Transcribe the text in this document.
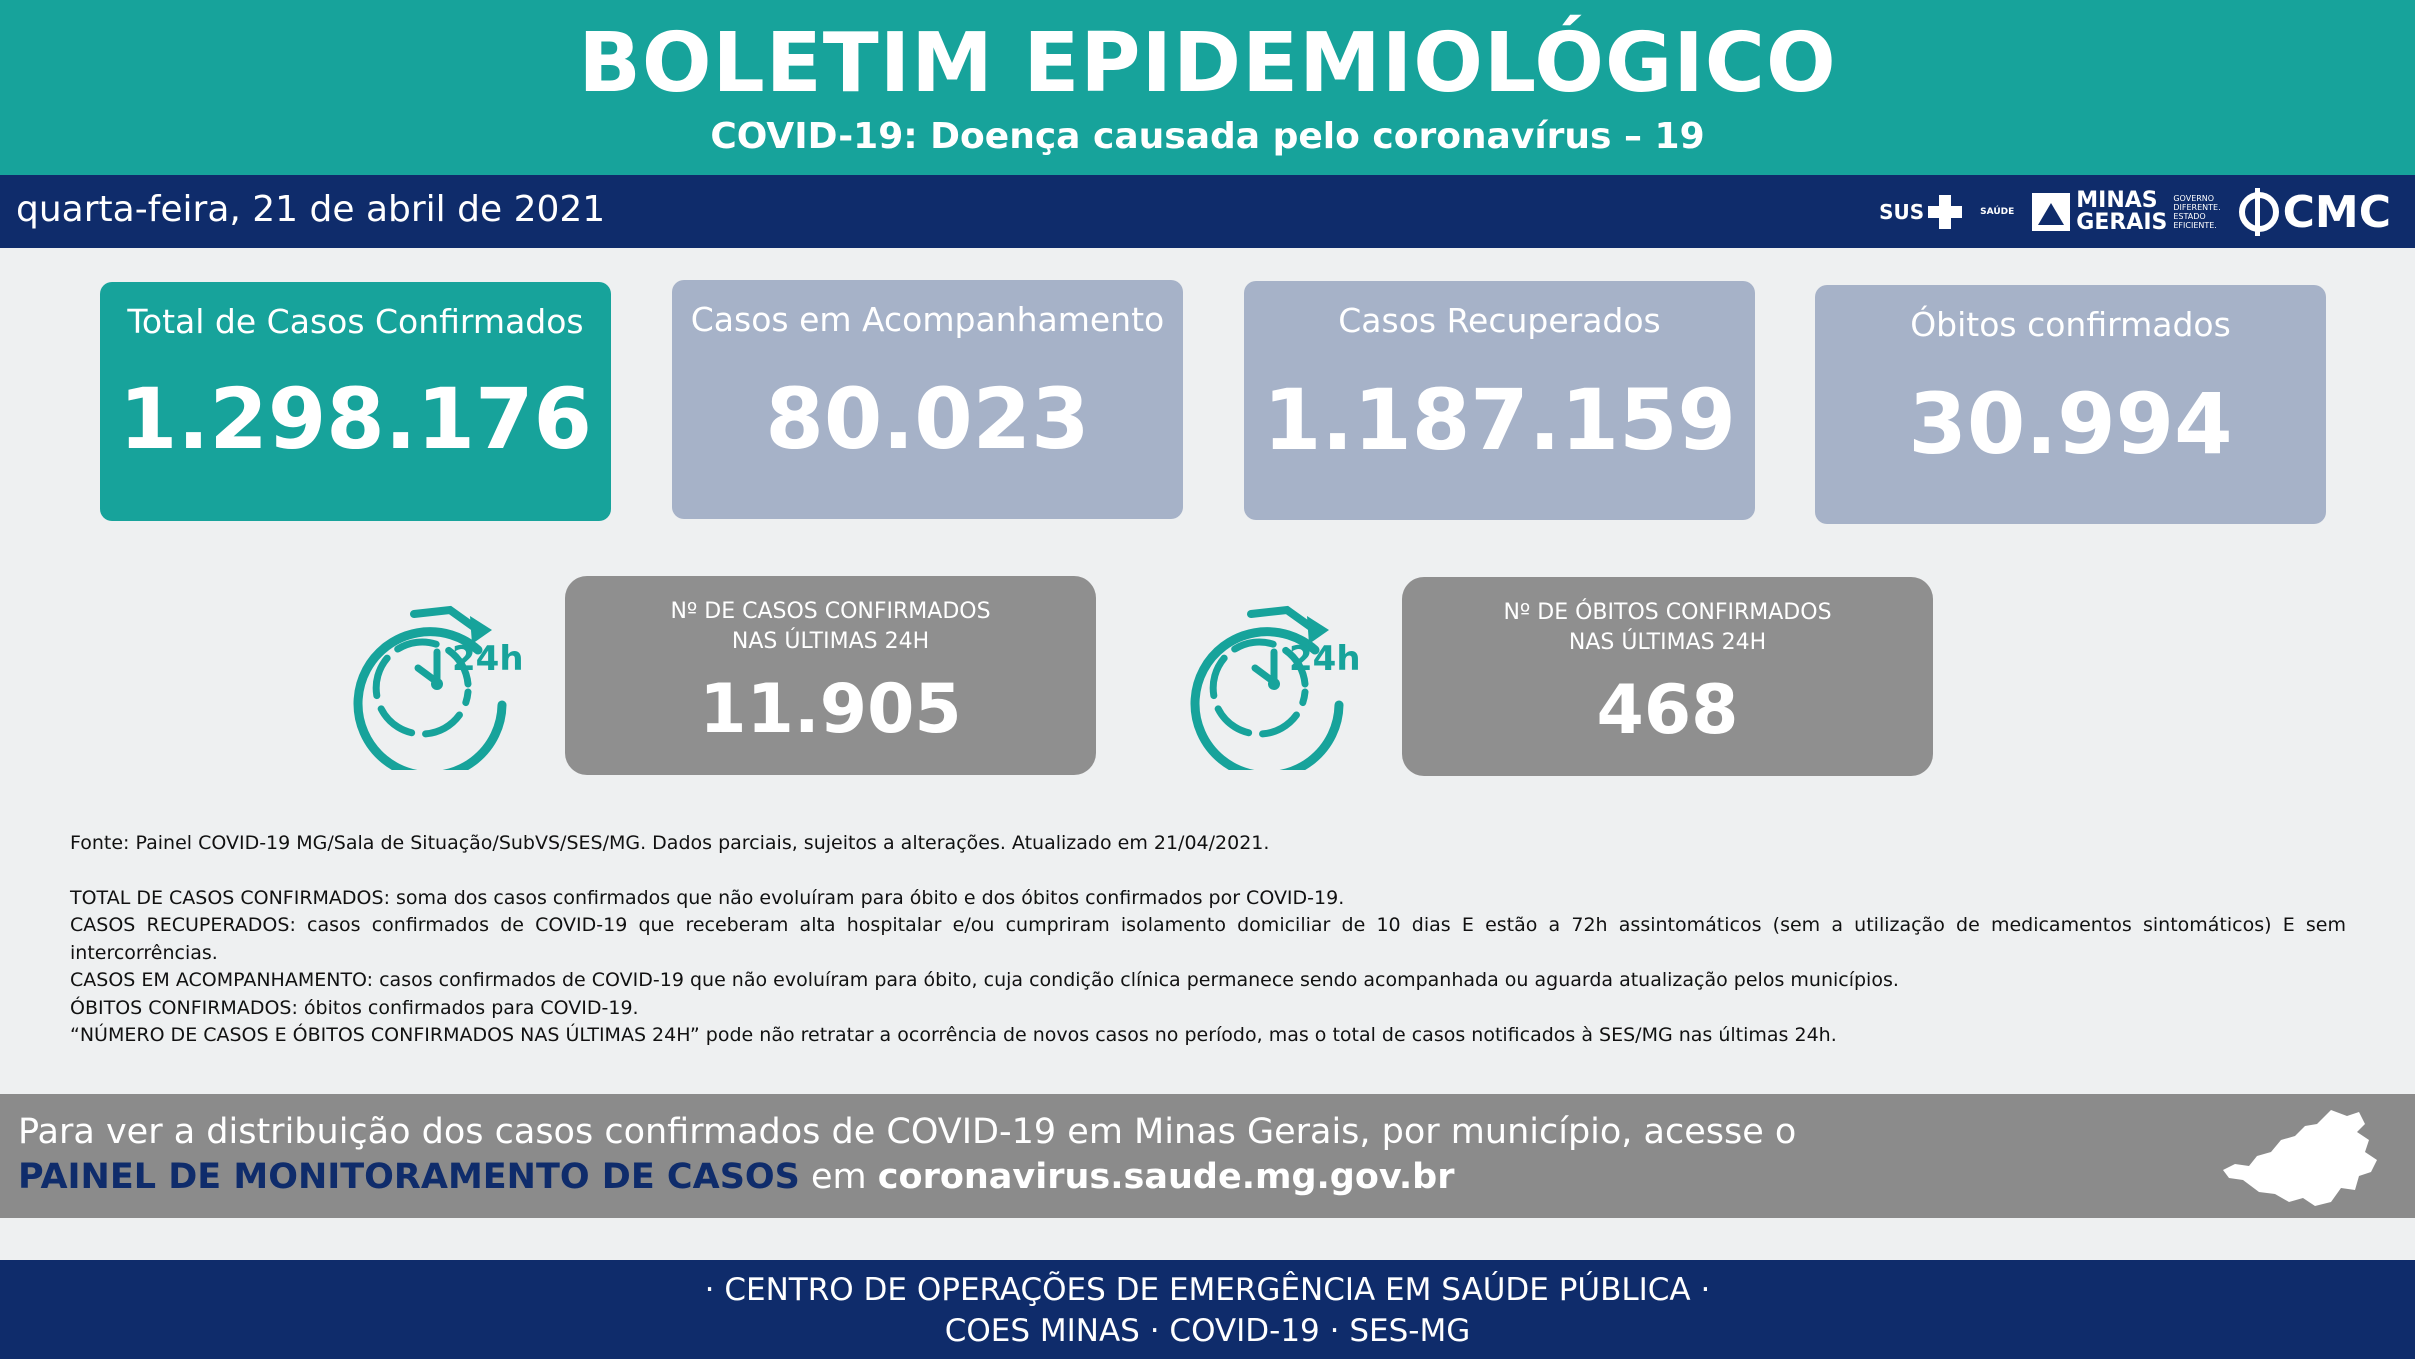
BOLETIM EPIDEMIOLÓGICO
COVID-19: Doença causada pelo coronavírus – 19
quarta-feira, 21 de abril de 2021	SUS	SAÚDE	MINAS
GERAIS
GOVERNO
DIFERENTE.
ESTADO
EFICIENTE. CMC
Total de Casos Confirmados
1.298.176
Casos em Acompanhamento
80.023
Casos Recuperados
1.187.159
Óbitos confirmados
30.994
24h	24h
Nº DE CASOS CONFIRMADOS
NAS ÚLTIMAS 24H
11.905
Nº DE ÓBITOS CONFIRMADOS
NAS ÚLTIMAS 24H
468
Fonte: Painel COVID-19 MG/Sala de Situação/SubVS/SES/MG. Dados parciais, sujeitos a alterações. Atualizado em 21/04/2021.

TOTAL DE CASOS CONFIRMADOS: soma dos casos confirmados que não evoluíram para óbito e dos óbitos confirmados por COVID-19.

CASOS RECUPERADOS: casos confirmados de COVID-19 que receberam alta hospitalar e/ou cumpriram isolamento domiciliar de 10 dias E estão a 72h assintomáticos (sem a utilização de medicamentos sintomáticos) E sem intercorrências.

CASOS EM ACOMPANHAMENTO: casos confirmados de COVID-19 que não evoluíram para óbito, cuja condição clínica permanece sendo acompanhada ou aguarda atualização pelos municípios.

ÓBITOS CONFIRMADOS: óbitos confirmados para COVID-19.

“NÚMERO DE CASOS E ÓBITOS CONFIRMADOS NAS ÚLTIMAS 24H” pode não retratar a ocorrência de novos casos no período, mas o total de casos notificados à SES/MG nas últimas 24h.

Para ver a distribuição dos casos confirmados de COVID-19 em Minas Gerais, por município, acesse o
PAINEL DE MONITORAMENTO DE CASOS em coronavirus.saude.mg.gov.br
· CENTRO DE OPERAÇÕES DE EMERGÊNCIA EM SAÚDE PÚBLICA ·
COES MINAS · COVID-19 · SES-MG
